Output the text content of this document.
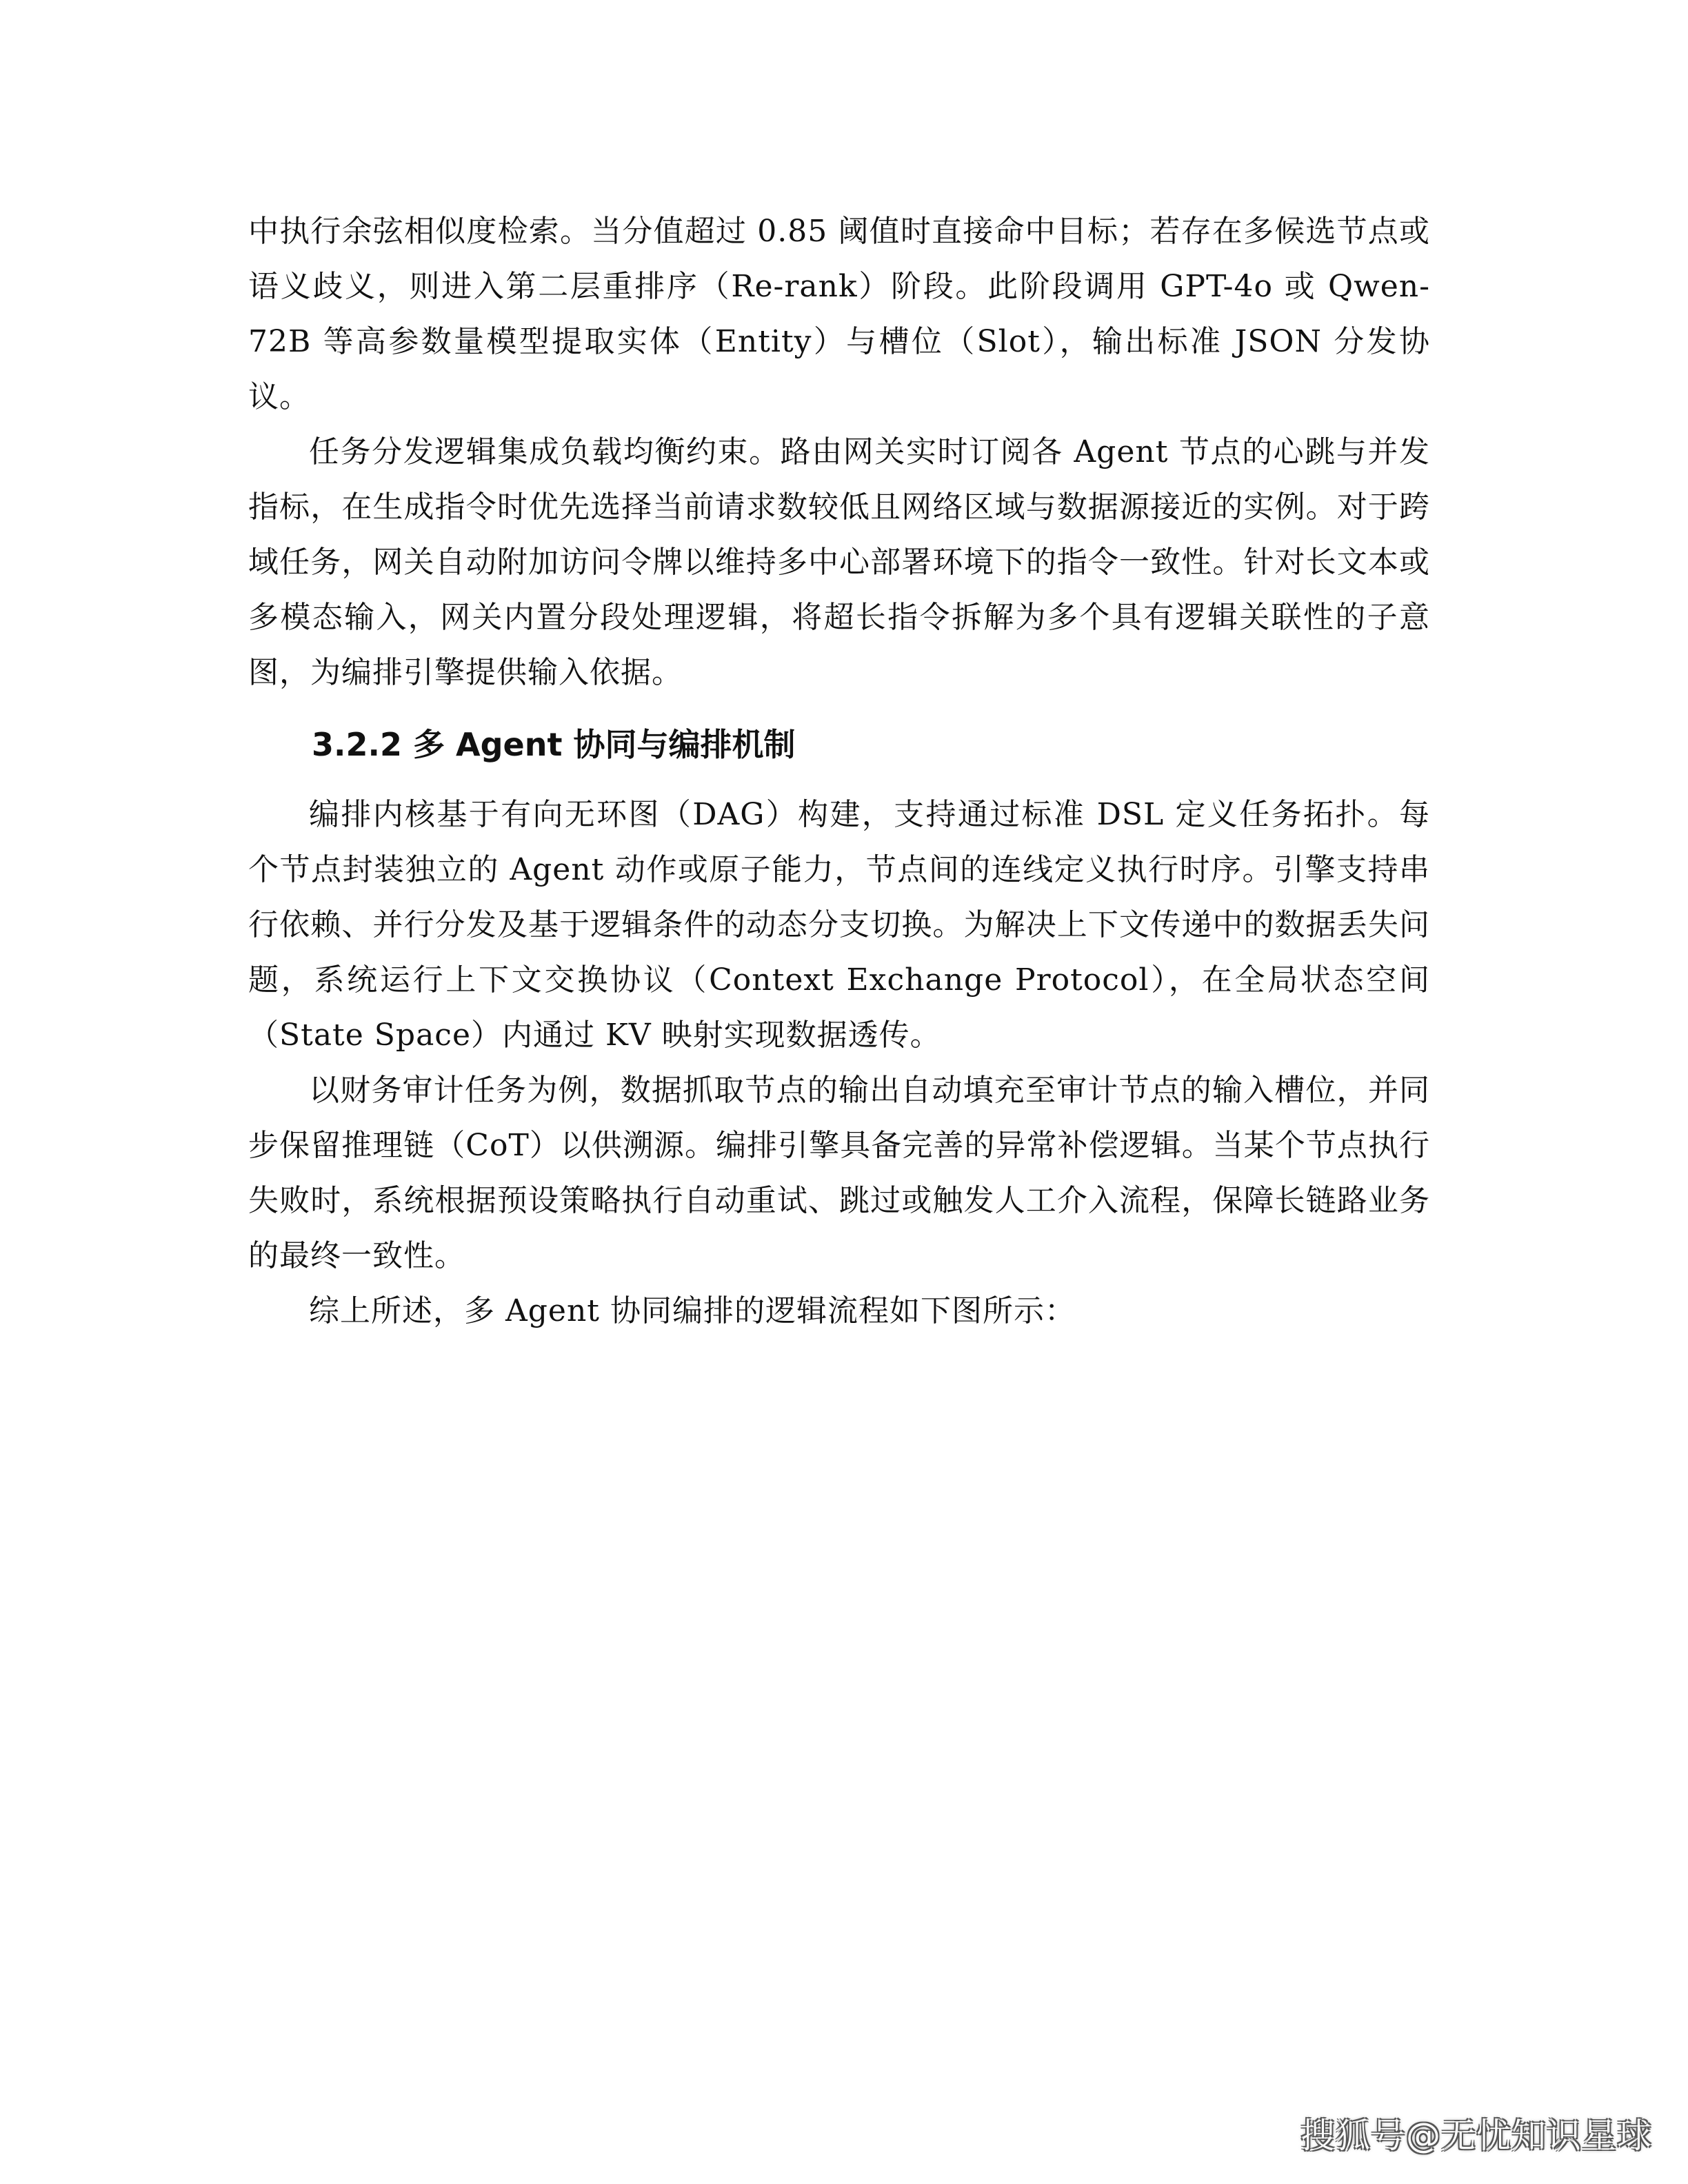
中执行余弦相似度检索。当分值超过 0.85 阈值时直接命中目标；若存在多候选节点或语义歧义，则进入第二层重排序（Re-rank）阶段。此阶段调用 GPT-4o 或 Qwen-72B 等高参数量模型提取实体（Entity）与槽位（Slot），输出标准 JSON 分发协议。

任务分发逻辑集成负载均衡约束。路由网关实时订阅各 Agent 节点的心跳与并发指标，在生成指令时优先选择当前请求数较低且网络区域与数据源接近的实例。对于跨域任务，网关自动附加访问令牌以维持多中心部署环境下的指令一致性。针对长文本或多模态输入，网关内置分段处理逻辑，将超长指令拆解为多个具有逻辑关联性的子意图，为编排引擎提供输入依据。

3.2.2 多 Agent 协同与编排机制

编排内核基于有向无环图（DAG）构建，支持通过标准 DSL 定义任务拓扑。每个节点封装独立的 Agent 动作或原子能力，节点间的连线定义执行时序。引擎支持串行依赖、并行分发及基于逻辑条件的动态分支切换。为解决上下文传递中的数据丢失问题，系统运行上下文交换协议（Context Exchange Protocol），在全局状态空间（State Space）内通过 KV 映射实现数据透传。

以财务审计任务为例，数据抓取节点的输出自动填充至审计节点的输入槽位，并同步保留推理链（CoT）以供溯源。编排引擎具备完善的异常补偿逻辑。当某个节点执行失败时，系统根据预设策略执行自动重试、跳过或触发人工介入流程，保障长链路业务的最终一致性。

综上所述，多 Agent 协同编排的逻辑流程如下图所示：

搜狐号@无忧知识星球
